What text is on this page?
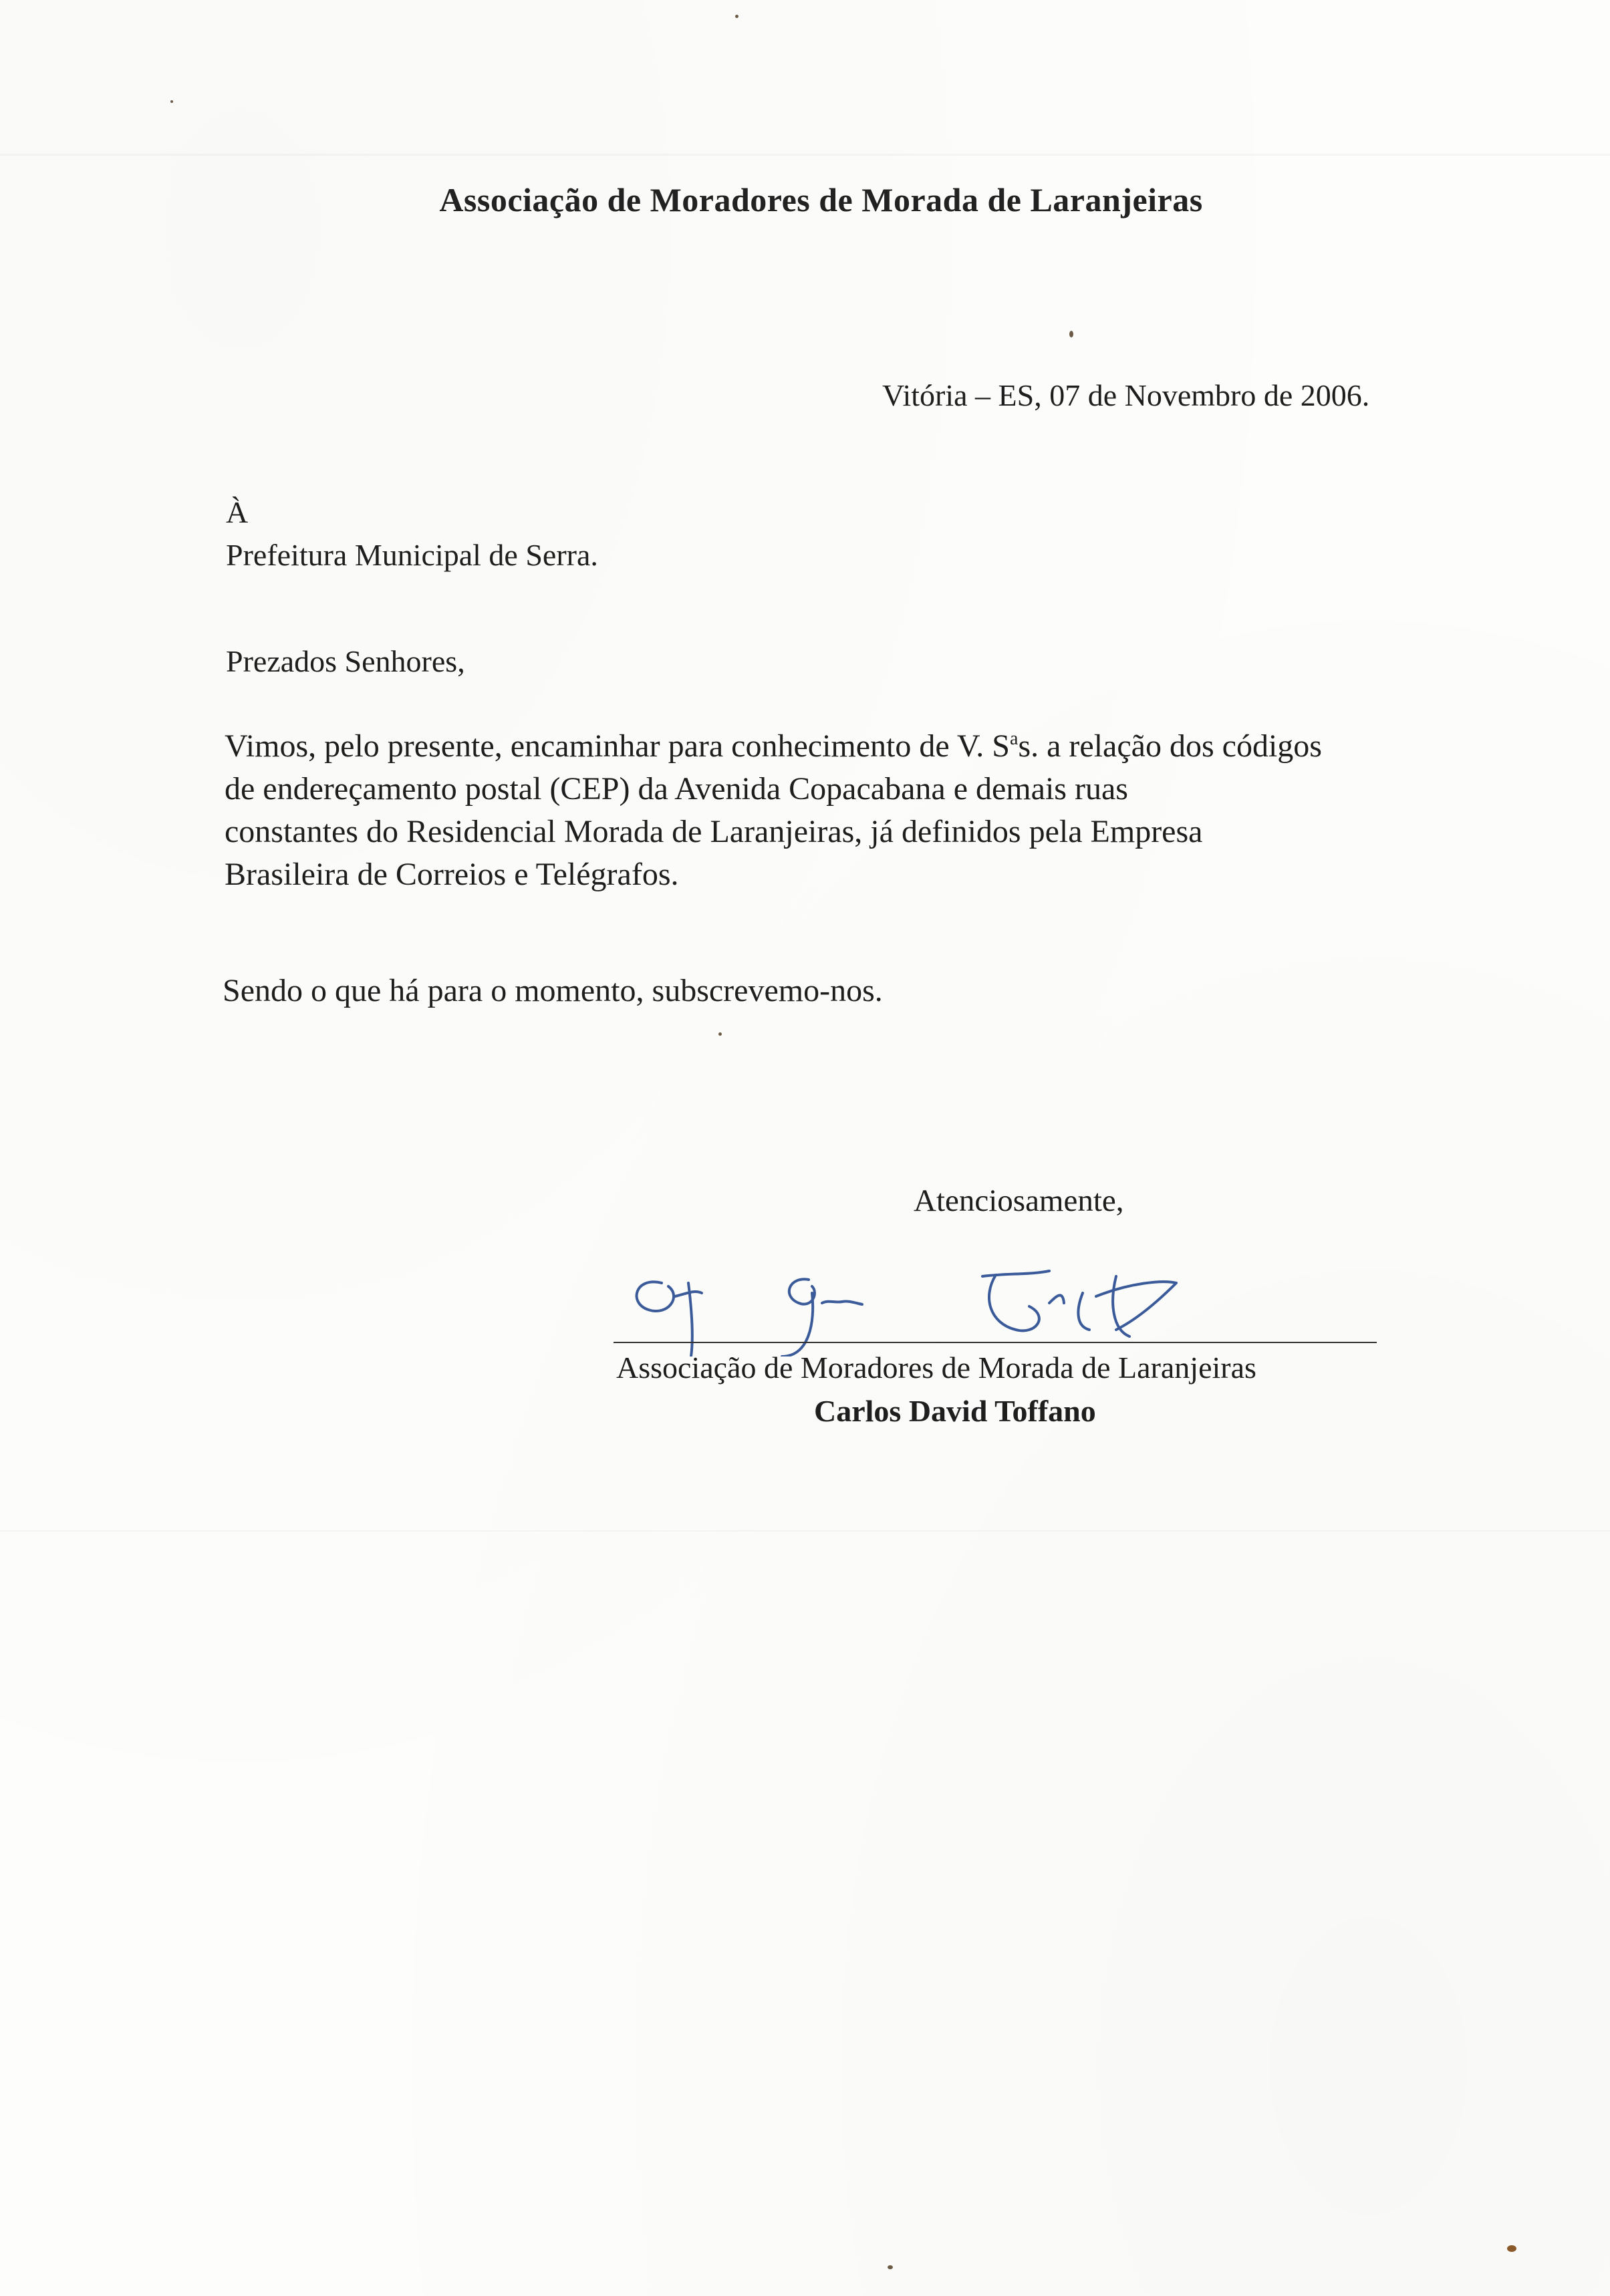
Associação de Moradores de Morada de Laranjeiras
Vitória – ES, 07 de Novembro de 2006.
À
Prefeitura Municipal de Serra.
Prezados Senhores,
Vimos, pelo presente, encaminhar para conhecimento de V. $S^as$. a relação dos códigos
de endereçamento postal (CEP) da Avenida Copacabana e demais ruas
constantes do Residencial Morada de Laranjeiras, já definidos pela Empresa
Brasileira de Correios e Telégrafos.
Sendo o que há para o momento, subscrevemo-nos.
Atenciosamente,
Associação de Moradores de Morada de Laranjeiras
Carlos David Toffano
